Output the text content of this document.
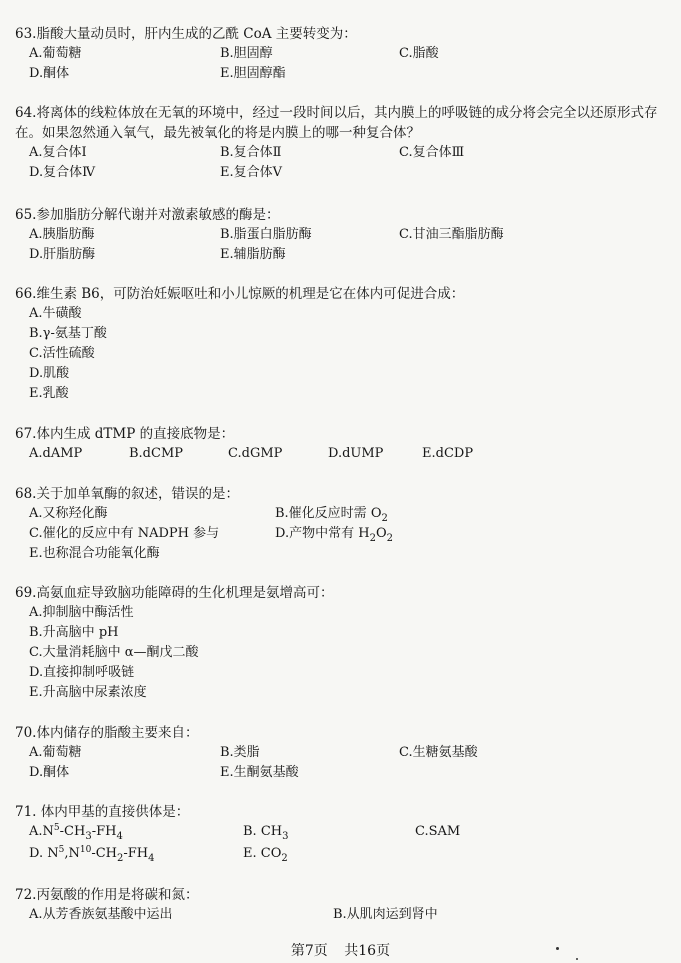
63.脂酸大量动员时，肝内生成的乙酰 CoA 主要转变为：
A.葡萄糖	B.胆固醇	C.脂酸
D.酮体	E.胆固醇酯
64.将离体的线粒体放在无氧的环境中，经过一段时间以后，其内膜上的呼吸链的成分将会完全以还原形式存在。如果忽然通入氧气，最先被氧化的将是内膜上的哪一种复合体？
A.复合体Ⅰ	B.复合体Ⅱ	C.复合体Ⅲ
D.复合体Ⅳ	E.复合体Ⅴ
65.参加脂肪分解代谢并对激素敏感的酶是：
A.胰脂肪酶	B.脂蛋白脂肪酶	C.甘油三酯脂肪酶
D.肝脂肪酶	E.辅脂肪酶
66.维生素 B6，可防治妊娠呕吐和小儿惊厥的机理是它在体内可促进合成：
A.牛磺酸
B.γ-氨基丁酸
C.活性硫酸
D.肌酸
E.乳酸
67.体内生成 dTMP 的直接底物是：
A.dAMP	B.dCMP	C.dGMP	D.dUMP	E.dCDP
68.关于加单氧酶的叙述，错误的是：
A.又称羟化酶	B.催化反应时需 $O_2$
C.催化的反应中有 NADPH 参与	D.产物中常有 $H_2O_2$
E.也称混合功能氧化酶
69.高氨血症导致脑功能障碍的生化机理是氨增高可：
A.抑制脑中酶活性
B.升高脑中 pH
C.大量消耗脑中 α—酮戊二酸
D.直接抑制呼吸链
E.升高脑中尿素浓度
70.体内储存的脂酸主要来自：
A.葡萄糖	B.类脂	C.生糖氨基酸
D.酮体	E.生酮氨基酸
71. 体内甲基的直接供体是：
$A.N^5-CH_3-FH_4$	B. $CH_3$	C.SAM
D. $N^5,N^{10}-CH_2-FH_4$	E. $CO_2$
72.丙氨酸的作用是将碳和氮：
A.从芳香族氨基酸中运出	B.从肌肉运到肾中
第7页 共16页
